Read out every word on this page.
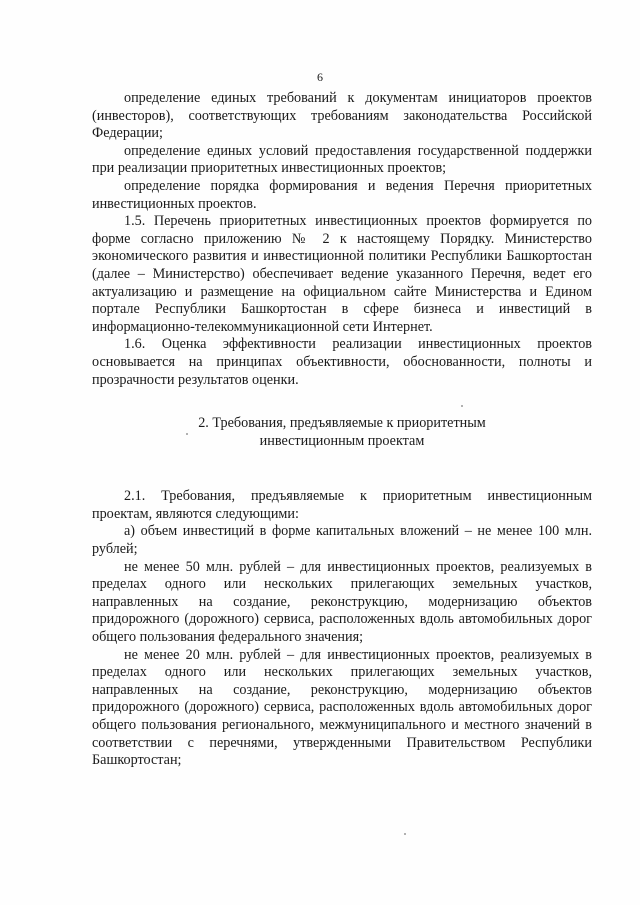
6

определение единых требований к документам инициаторов проектов (инвесторов), соответствующих требованиям законодательства Российской Федерации;

определение единых условий предоставления государственной поддержки при реализации приоритетных инвестиционных проектов;

определение порядка формирования и ведения Перечня приоритетных инвестиционных проектов.

1.5. Перечень приоритетных инвестиционных проектов формируется по форме согласно приложению № 2 к настоящему Порядку. Министерство экономического развития и инвестиционной политики Республики Башкортостан (далее – Министерство) обеспечивает ведение указанного Перечня, ведет его актуализацию и размещение на официальном сайте Министерства и Едином портале Республики Башкортостан в сфере бизнеса и инвестиций в информационно-телекоммуникационной сети Интернет.

1.6. Оценка эффективности реализации инвестиционных проектов основывается на принципах объективности, обоснованности, полноты и прозрачности результатов оценки.

2. Требования, предъявляемые к приоритетным

инвестиционным проектам

2.1. Требования, предъявляемые к приоритетным инвестиционным проектам, являются следующими:

а) объем инвестиций в форме капитальных вложений – не менее 100 млн. рублей;

не менее 50 млн. рублей – для инвестиционных проектов, реализуемых в пределах одного или нескольких прилегающих земельных участков, направленных на создание, реконструкцию, модернизацию объектов придорожного (дорожного) сервиса, расположенных вдоль автомобильных дорог общего пользования федерального значения;

не менее 20 млн. рублей – для инвестиционных проектов, реализуемых в пределах одного или нескольких прилегающих земельных участков, направленных на создание, реконструкцию, модернизацию объектов придорожного (дорожного) сервиса, расположенных вдоль автомобильных дорог общего пользования регионального, межмуниципального и местного значений в соответствии с перечнями, утвержденными Правительством Республики Башкортостан;
